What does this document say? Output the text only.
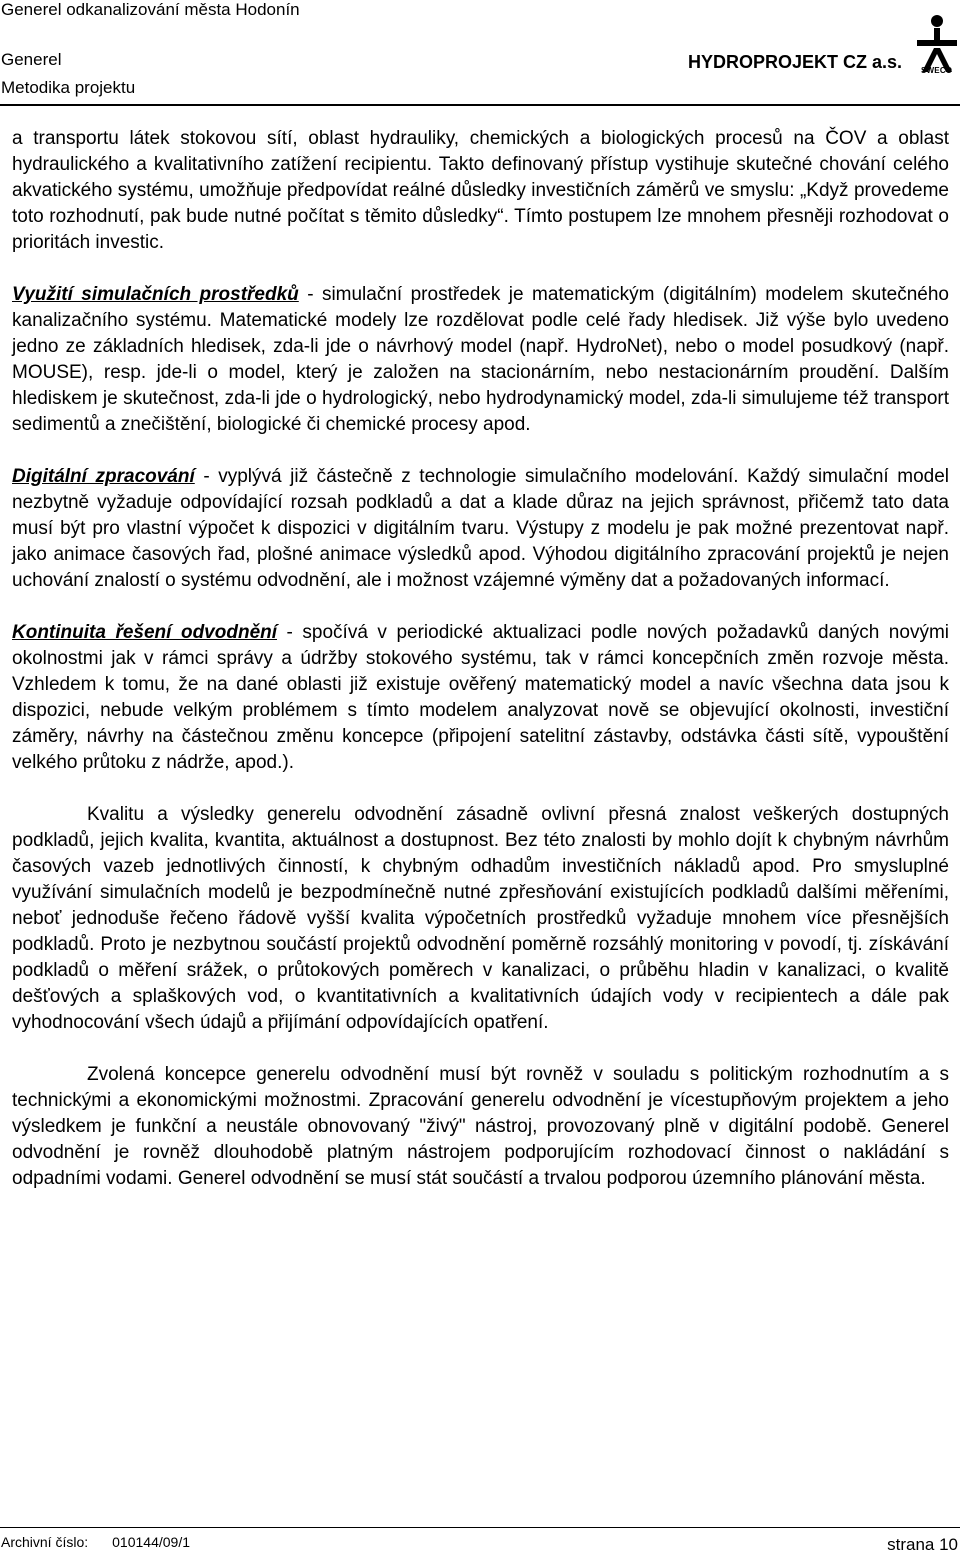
Generel odkanalizování města Hodonín
Generel
Metodika projektu
HYDROPROJEKT CZ a.s. SWECO

a transportu látek stokovou sítí, oblast hydrauliky, chemických a biologických procesů na ČOV a oblast hydraulického a kvalitativního zatížení recipientu. Takto definovaný přístup vystihuje skutečné chování celého akvatického systému, umožňuje předpovídat reálné důsledky investičních záměrů ve smyslu: „Když provedeme toto rozhodnutí, pak bude nutné počítat s těmito důsledky“. Tímto postupem lze mnohem přesněji rozhodovat o prioritách investic.

Využití simulačních prostředků - simulační prostředek je matematickým (digitálním) modelem skutečného kanalizačního systému. Matematické modely lze rozdělovat podle celé řady hledisek. Již výše bylo uvedeno jedno ze základních hledisek, zda-li jde o návrhový model (např. HydroNet), nebo o model posudkový (např. MOUSE), resp. jde-li o model, který je založen na stacionárním, nebo nestacionárním proudění. Dalším hlediskem je skutečnost, zda-li jde o hydrologický, nebo hydrodynamický model, zda-li simulujeme též transport sedimentů a znečištění, biologické či chemické procesy apod.

Digitální zpracování - vyplývá již částečně z technologie simulačního modelování. Každý simulační model nezbytně vyžaduje odpovídající rozsah podkladů a dat a klade důraz na jejich správnost, přičemž tato data musí být pro vlastní výpočet k dispozici v digitálním tvaru. Výstupy z modelu je pak možné prezentovat např. jako animace časových řad, plošné animace výsledků apod. Výhodou digitálního zpracování projektů je nejen uchování znalostí o systému odvodnění, ale i možnost vzájemné výměny dat a požadovaných informací.

Kontinuita řešení odvodnění - spočívá v periodické aktualizaci podle nových požadavků daných novými okolnostmi jak v rámci správy a údržby stokového systému, tak v rámci koncepčních změn rozvoje města. Vzhledem k tomu, že na dané oblasti již existuje ověřený matematický model a navíc všechna data jsou k dispozici, nebude velkým problémem s tímto modelem analyzovat nově se objevující okolnosti, investiční záměry, návrhy na částečnou změnu koncepce (připojení satelitní zástavby, odstávka části sítě, vypouštění velkého průtoku z nádrže, apod.).

Kvalitu a výsledky generelu odvodnění zásadně ovlivní přesná znalost veškerých dostupných podkladů, jejich kvalita, kvantita, aktuálnost a dostupnost. Bez této znalosti by mohlo dojít k chybným návrhům časových vazeb jednotlivých činností, k chybným odhadům investičních nákladů apod. Pro smysluplné využívání simulačních modelů je bezpodmínečně nutné zpřesňování existujících podkladů dalšími měřeními, neboť jednoduše řečeno řádově vyšší kvalita výpočetních prostředků vyžaduje mnohem více přesnějších podkladů. Proto je nezbytnou součástí projektů odvodnění poměrně rozsáhlý monitoring v povodí, tj. získávání podkladů o měření srážek, o průtokových poměrech v kanalizaci, o průběhu hladin v kanalizaci, o kvalitě dešťových a splaškových vod, o kvantitativních a kvalitativních údajích vody v recipientech a dále pak vyhodnocování všech údajů a přijímání odpovídajících opatření.

Zvolená koncepce generelu odvodnění musí být rovněž v souladu s politickým rozhodnutím a s technickými a ekonomickými možnostmi. Zpracování generelu odvodnění je vícestupňovým projektem a jeho výsledkem je funkční a neustále obnovovaný "živý" nástroj, provozovaný plně v digitální podobě. Generel odvodnění je rovněž dlouhodobě platným nástrojem podporujícím rozhodovací činnost o nakládání s odpadními vodami. Generel odvodnění se musí stát součástí a trvalou podporou územního plánování města.

Archivní číslo: 010144/09/1	strana 10
